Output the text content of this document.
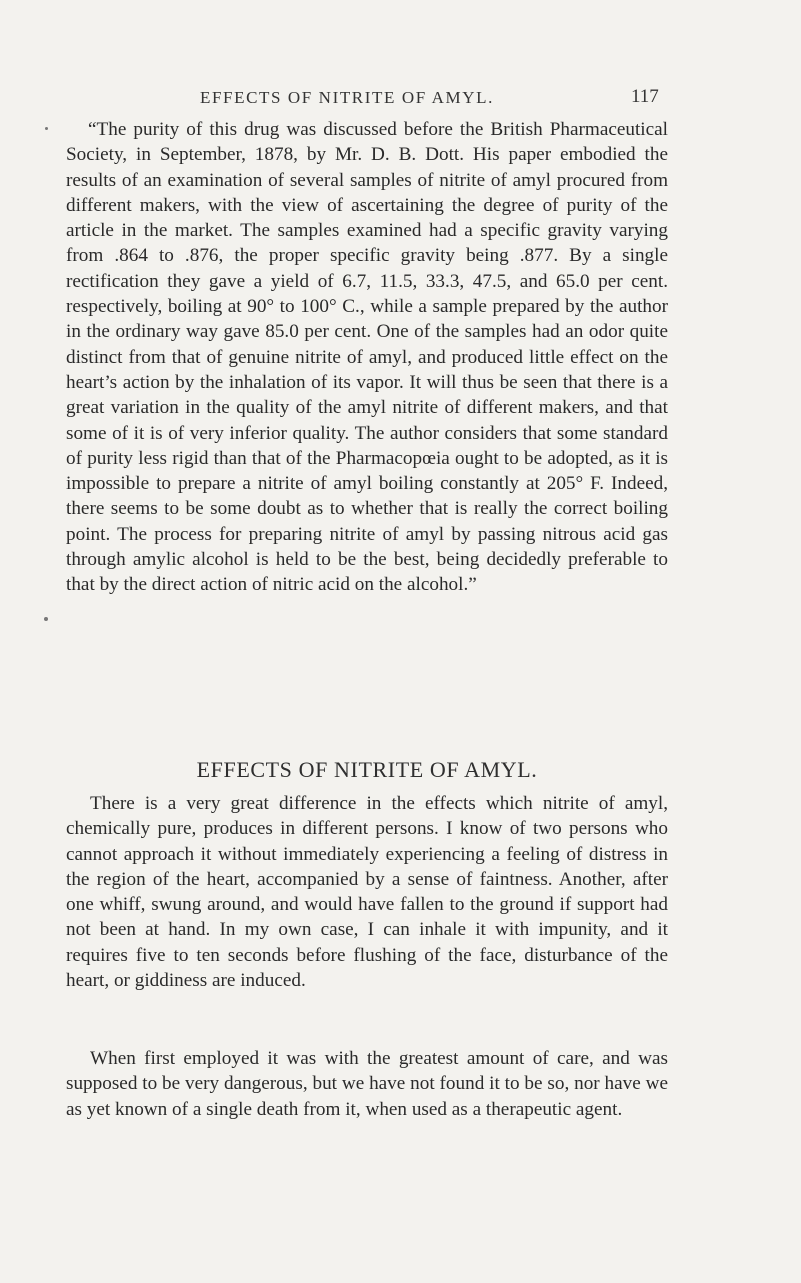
EFFECTS OF NITRITE OF AMYL.	117

“The purity of this drug was discussed before the British Pharmaceutical Society, in September, 1878, by Mr. D. B. Dott. His paper embodied the results of an examination of several samples of nitrite of amyl procured from different makers, with the view of ascertaining the degree of purity of the article in the market. The samples examined had a specific gravity varying from .864 to .876, the proper specific gravity being .877. By a single rectification they gave a yield of 6.7, 11.5, 33.3, 47.5, and 65.0 per cent. respectively, boiling at 90° to 100° C., while a sample prepared by the author in the ordinary way gave 85.0 per cent. One of the samples had an odor quite distinct from that of genuine nitrite of amyl, and produced little effect on the heart’s action by the inhalation of its vapor. It will thus be seen that there is a great variation in the quality of the amyl nitrite of different makers, and that some of it is of very inferior quality. The author considers that some standard of purity less rigid than that of the Pharmacopœia ought to be adopted, as it is impossible to prepare a nitrite of amyl boiling constantly at 205° F. Indeed, there seems to be some doubt as to whether that is really the correct boiling point. The process for preparing nitrite of amyl by passing nitrous acid gas through amylic alcohol is held to be the best, being decidedly preferable to that by the direct action of nitric acid on the alcohol.”

EFFECTS OF NITRITE OF AMYL.

There is a very great difference in the effects which nitrite of amyl, chemically pure, produces in different persons. I know of two persons who cannot approach it without immediately experiencing a feeling of distress in the region of the heart, accompanied by a sense of faintness. Another, after one whiff, swung around, and would have fallen to the ground if support had not been at hand. In my own case, I can inhale it with impunity, and it requires five to ten seconds before flushing of the face, disturbance of the heart, or giddiness are induced.

When first employed it was with the greatest amount of care, and was supposed to be very dangerous, but we have not found it to be so, nor have we as yet known of a single death from it, when used as a therapeutic agent.
